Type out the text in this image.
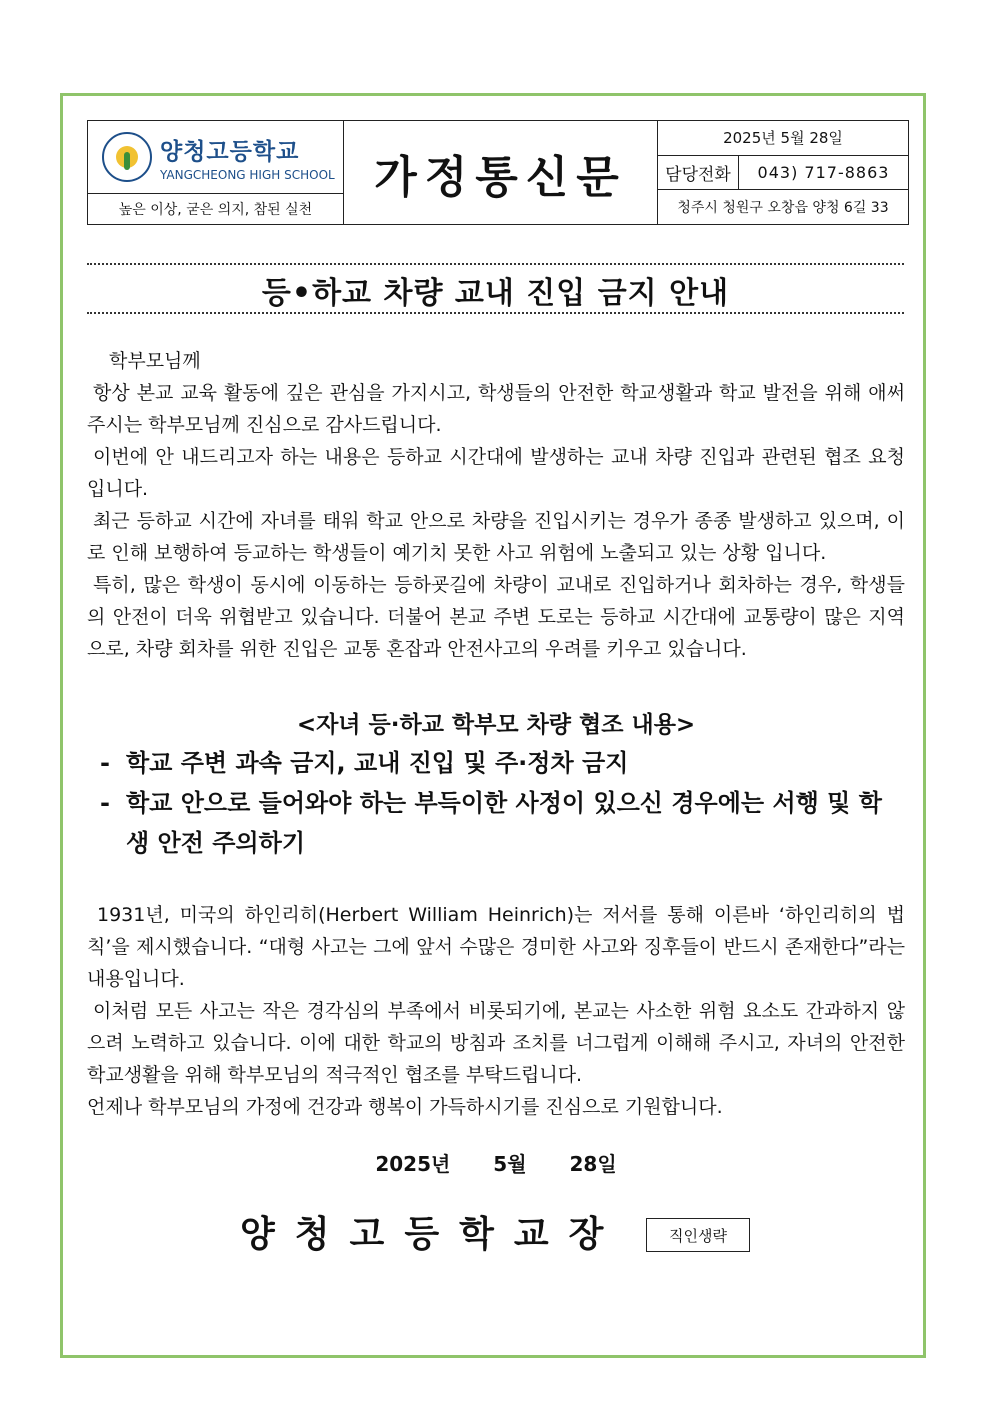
양청고등학교
YANGCHEONG HIGH SCHOOL
높은 이상, 굳은 의지, 참된 실천
가정통신문
2025년 5월 28일
담당전화	043) 717-8863
청주시 청원구 오창읍 양청 6길 33
등•하교 차량 교내 진입 금지 안내

학부모님께

항상 본교 교육 활동에 깊은 관심을 가지시고, 학생들의 안전한 학교생활과 학교 발전을 위해 애써주시는 학부모님께 진심으로 감사드립니다.

이번에 안 내드리고자 하는 내용은 등하교 시간대에 발생하는 교내 차량 진입과 관련된 협조 요청입니다.

최근 등하교 시간에 자녀를 태워 학교 안으로 차량을 진입시키는 경우가 종종 발생하고 있으며, 이로 인해 보행하여 등교하는 학생들이 예기치 못한 사고 위험에 노출되고 있는 상황 입니다.

특히, 많은 학생이 동시에 이동하는 등하굣길에 차량이 교내로 진입하거나 회차하는 경우, 학생들의 안전이 더욱 위협받고 있습니다. 더불어 본교 주변 도로는 등하교 시간대에 교통량이 많은 지역으로, 차량 회차를 위한 진입은 교통 혼잡과 안전사고의 우려를 키우고 있습니다.

<자녀 등·하교 학부모 차량 협조 내용>
- 학교 주변 과속 금지, 교내 진입 및 주·정차 금지
- 학교 안으로 들어와야 하는 부득이한 사정이 있으신 경우에는 서행 및 학생 안전 주의하기

1931년, 미국의 하인리히(Herbert William Heinrich)는 저서를 통해 이른바 ‘하인리히의 법칙’을 제시했습니다. “대형 사고는 그에 앞서 수많은 경미한 사고와 징후들이 반드시 존재한다”라는 내용입니다.

이처럼 모든 사고는 작은 경각심의 부족에서 비롯되기에, 본교는 사소한 위험 요소도 간과하지 않으려 노력하고 있습니다. 이에 대한 학교의 방침과 조치를 너그럽게 이해해 주시고, 자녀의 안전한 학교생활을 위해 학부모님의 적극적인 협조를 부탁드립니다.

언제나 학부모님의 가정에 건강과 행복이 가득하시기를 진심으로 기원합니다.

2025년 5월 28일
양청고등학교장	직인생략
